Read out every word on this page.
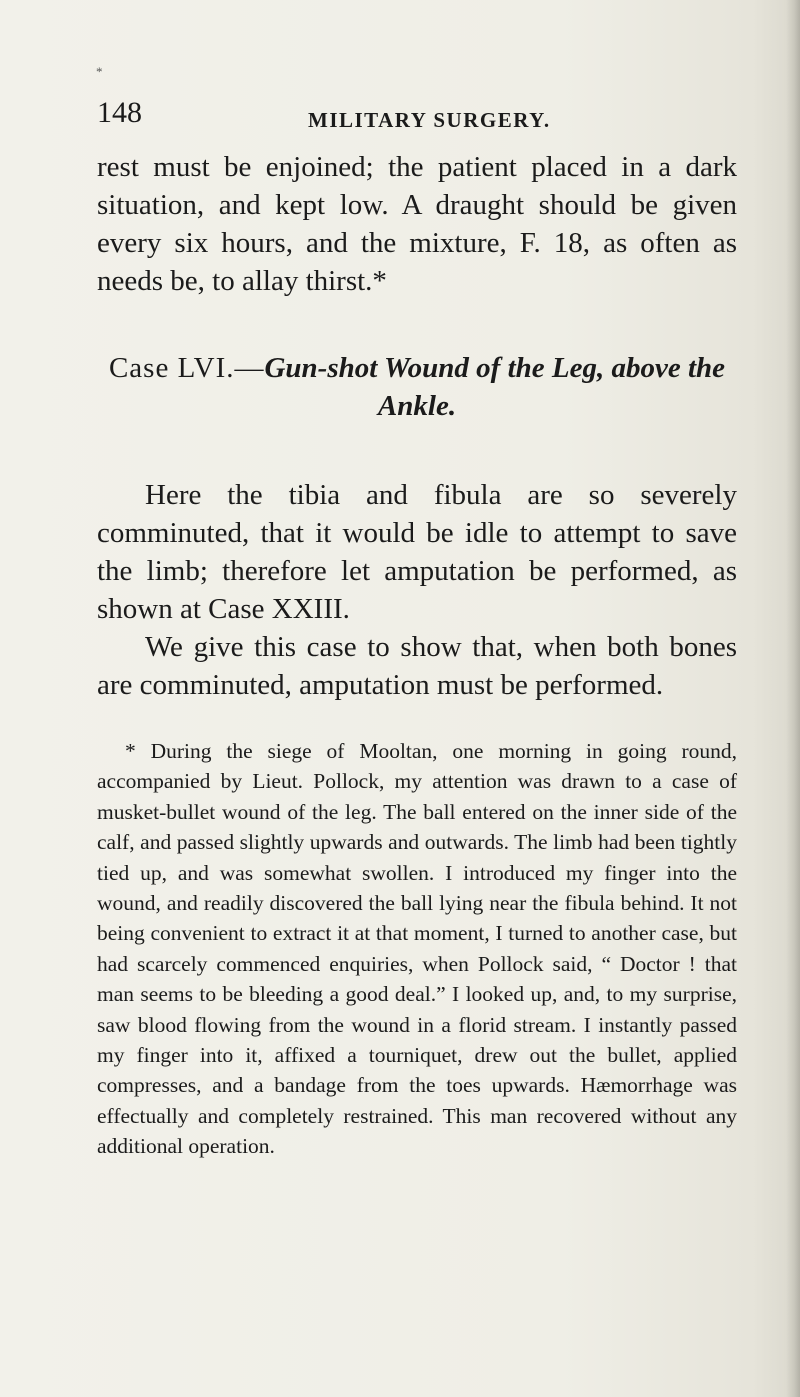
*
148	MILITARY SURGERY.

rest must be enjoined; the patient placed in a dark situation, and kept low. A draught should be given every six hours, and the mixture, F. 18, as often as needs be, to allay thirst.*

Case LVI.—Gun-shot Wound of the Leg, above the Ankle.

Here the tibia and fibula are so severely comminuted, that it would be idle to attempt to save the limb; therefore let amputation be performed, as shown at Case XXIII.

We give this case to show that, when both bones are comminuted, amputation must be performed.

* During the siege of Mooltan, one morning in going round, accompanied by Lieut. Pollock, my attention was drawn to a case of musket-bullet wound of the leg. The ball entered on the inner side of the calf, and passed slightly upwards and outwards. The limb had been tightly tied up, and was somewhat swollen. I introduced my finger into the wound, and readily discovered the ball lying near the fibula behind. It not being convenient to extract it at that moment, I turned to another case, but had scarcely commenced enquiries, when Pollock said, “ Doctor ! that man seems to be bleeding a good deal.” I looked up, and, to my surprise, saw blood flowing from the wound in a florid stream. I instantly passed my finger into it, affixed a tourniquet, drew out the bullet, applied compresses, and a bandage from the toes upwards. Hæmorrhage was effectually and completely restrained. This man recovered without any additional operation.
